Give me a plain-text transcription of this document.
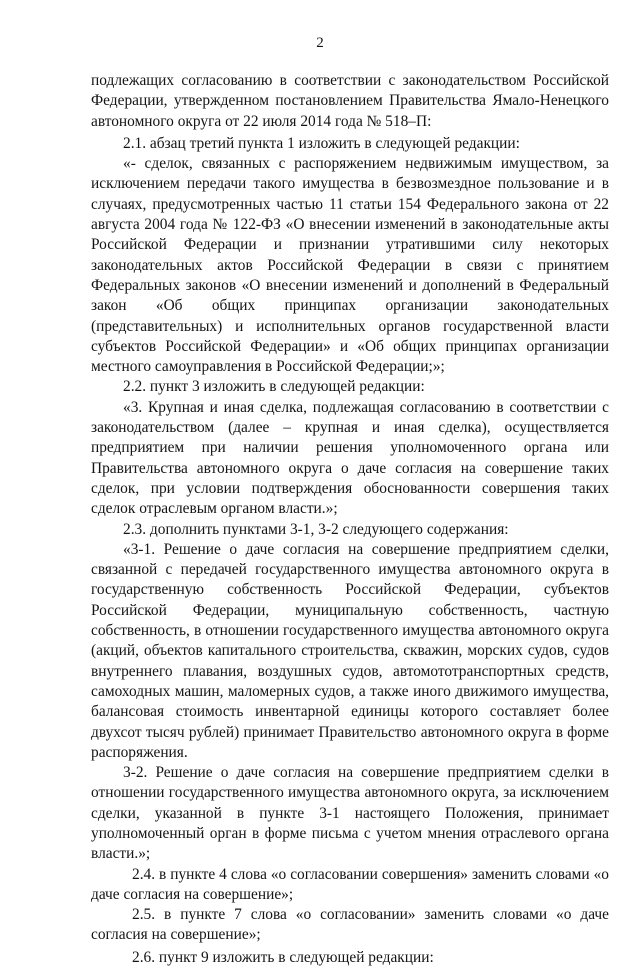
2

подлежащих согласованию в соответствии с законодательством Российской Федерации, утвержденном постановлением Правительства Ямало-Ненецкого автономного округа от 22 июля 2014 года № 518–П:

2.1. абзац третий пункта 1 изложить в следующей редакции:

«- сделок, связанных с распоряжением недвижимым имуществом, за исключением передачи такого имущества в безвозмездное пользование и в случаях, предусмотренных частью 11 статьи 154 Федерального закона от 22 августа 2004 года № 122-ФЗ «О внесении изменений в законодательные акты Российской Федерации и признании утратившими силу некоторых законодательных актов Российской Федерации в связи с принятием Федеральных законов «О внесении изменений и дополнений в Федеральный закон «Об общих принципах организации законодательных (представительных) и исполнительных органов государственной власти субъектов Российской Федерации» и «Об общих принципах организации местного самоуправления в Российской Федерации;»;

2.2. пункт 3 изложить в следующей редакции:

«3. Крупная и иная сделка, подлежащая согласованию в соответствии с законодательством (далее – крупная и иная сделка), осуществляется предприятием при наличии решения уполномоченного органа или Правительства автономного округа о даче согласия на совершение таких сделок, при условии подтверждения обоснованности совершения таких сделок отраслевым органом власти.»;

2.3. дополнить пунктами 3-1, 3-2 следующего содержания:

«3-1. Решение о даче согласия на совершение предприятием сделки, связанной с передачей государственного имущества автономного округа в государственную собственность Российской Федерации, субъектов Российской Федерации, муниципальную собственность, частную собственность, в отношении государственного имущества автономного округа (акций, объектов капитального строительства, скважин, морских судов, судов внутреннего плавания, воздушных судов, автомототранспортных средств, самоходных машин, маломерных судов, а также иного движимого имущества, балансовая стоимость инвентарной единицы которого составляет более двухсот тысяч рублей) принимает Правительство автономного округа в форме распоряжения.

3-2. Решение о даче согласия на совершение предприятием сделки в отношении государственного имущества автономного округа, за исключением сделки, указанной в пункте 3-1 настоящего Положения, принимает уполномоченный орган в форме письма с учетом мнения отраслевого органа власти.»;

2.4. в пункте 4 слова «о согласовании совершения» заменить словами «о даче согласия на совершение»;

2.5. в пункте 7 слова «о согласовании» заменить словами «о даче согласия на совершение»;

2.6. пункт 9 изложить в следующей редакции:
